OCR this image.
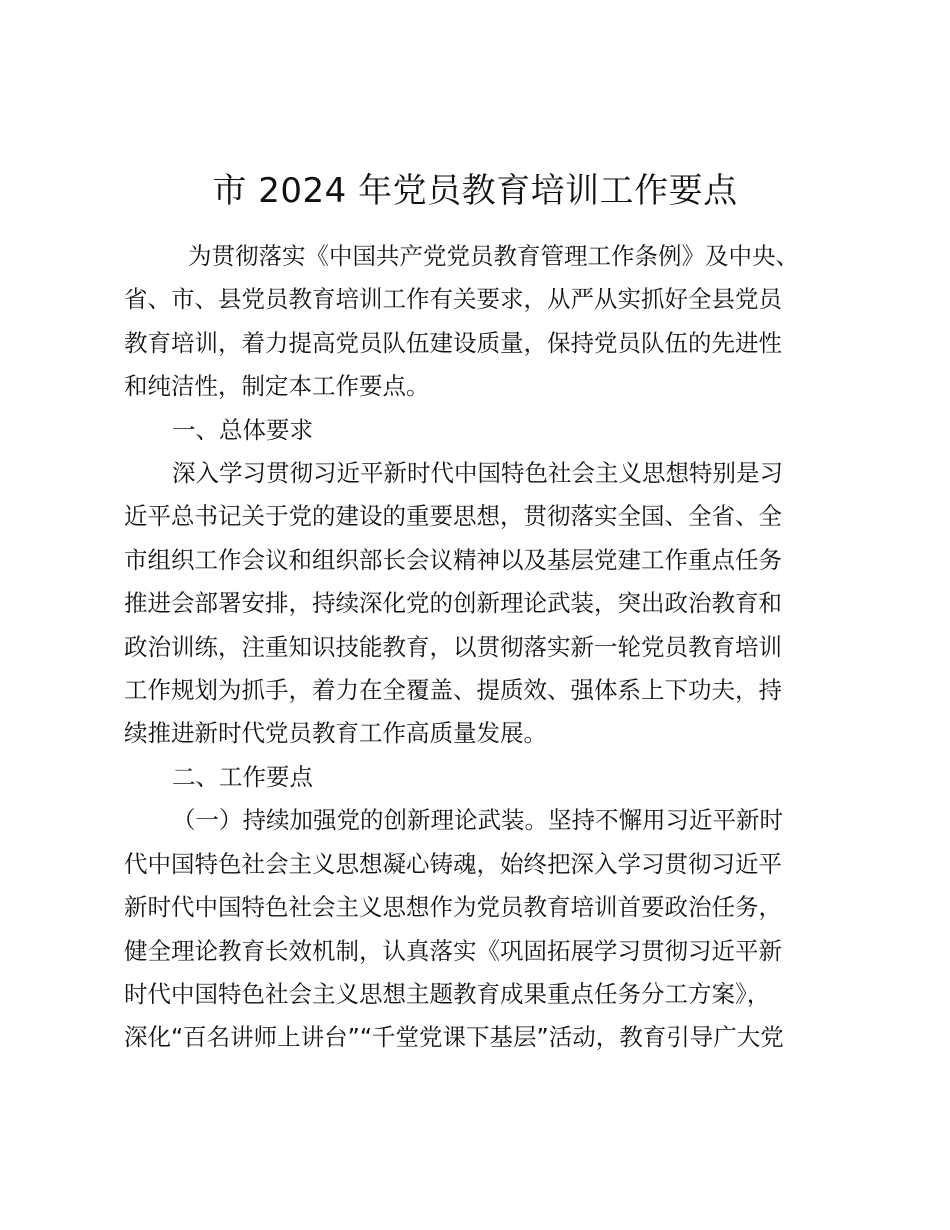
市 2024 年党员教育培训工作要点

为贯彻落实《中国共产党党员教育管理工作条例》及中央、
省、市、县党员教育培训工作有关要求，从严从实抓好全县党员
教育培训，着力提高党员队伍建设质量，保持党员队伍的先进性
和纯洁性，制定本工作要点。

一、总体要求

深入学习贯彻习近平新时代中国特色社会主义思想特别是习
近平总书记关于党的建设的重要思想，贯彻落实全国、全省、全
市组织工作会议和组织部长会议精神以及基层党建工作重点任务
推进会部署安排，持续深化党的创新理论武装，突出政治教育和
政治训练，注重知识技能教育，以贯彻落实新一轮党员教育培训
工作规划为抓手，着力在全覆盖、提质效、强体系上下功夫，持
续推进新时代党员教育工作高质量发展。

二、工作要点

（一）持续加强党的创新理论武装。坚持不懈用习近平新时
代中国特色社会主义思想凝心铸魂，始终把深入学习贯彻习近平
新时代中国特色社会主义思想作为党员教育培训首要政治任务，
健全理论教育长效机制，认真落实《巩固拓展学习贯彻习近平新
时代中国特色社会主义思想主题教育成果重点任务分工方案》，
深化“百名讲师上讲台”“千堂党课下基层”活动，教育引导广大党
